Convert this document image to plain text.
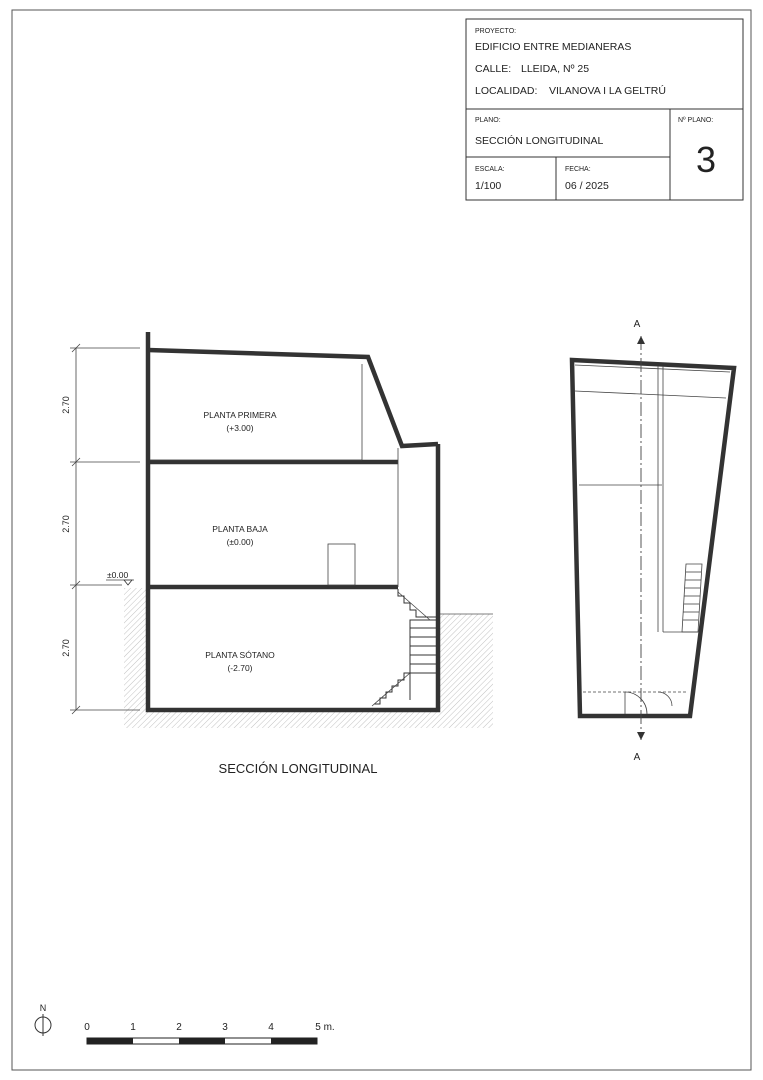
PROYECTO:
EDIFICIO ENTRE MEDIANERAS
CALLE: LLEIDA, Nº 25
LOCALIDAD: VILANOVA I LA GELTRÚ
PLANO:
SECCIÓN LONGITUDINAL
Nº PLANO:
3
ESCALA:
1/100
FECHA:
06 / 2025
PLANTA PRIMERA
(+3.00)
PLANTA BAJA
(±0.00)
PLANTA SÓTANO
(-2.70)
2.70
2.70
2.70
±0.00
SECCIÓN LONGITUDINAL
A
A
N
0	1	2	3	4	5 m.
